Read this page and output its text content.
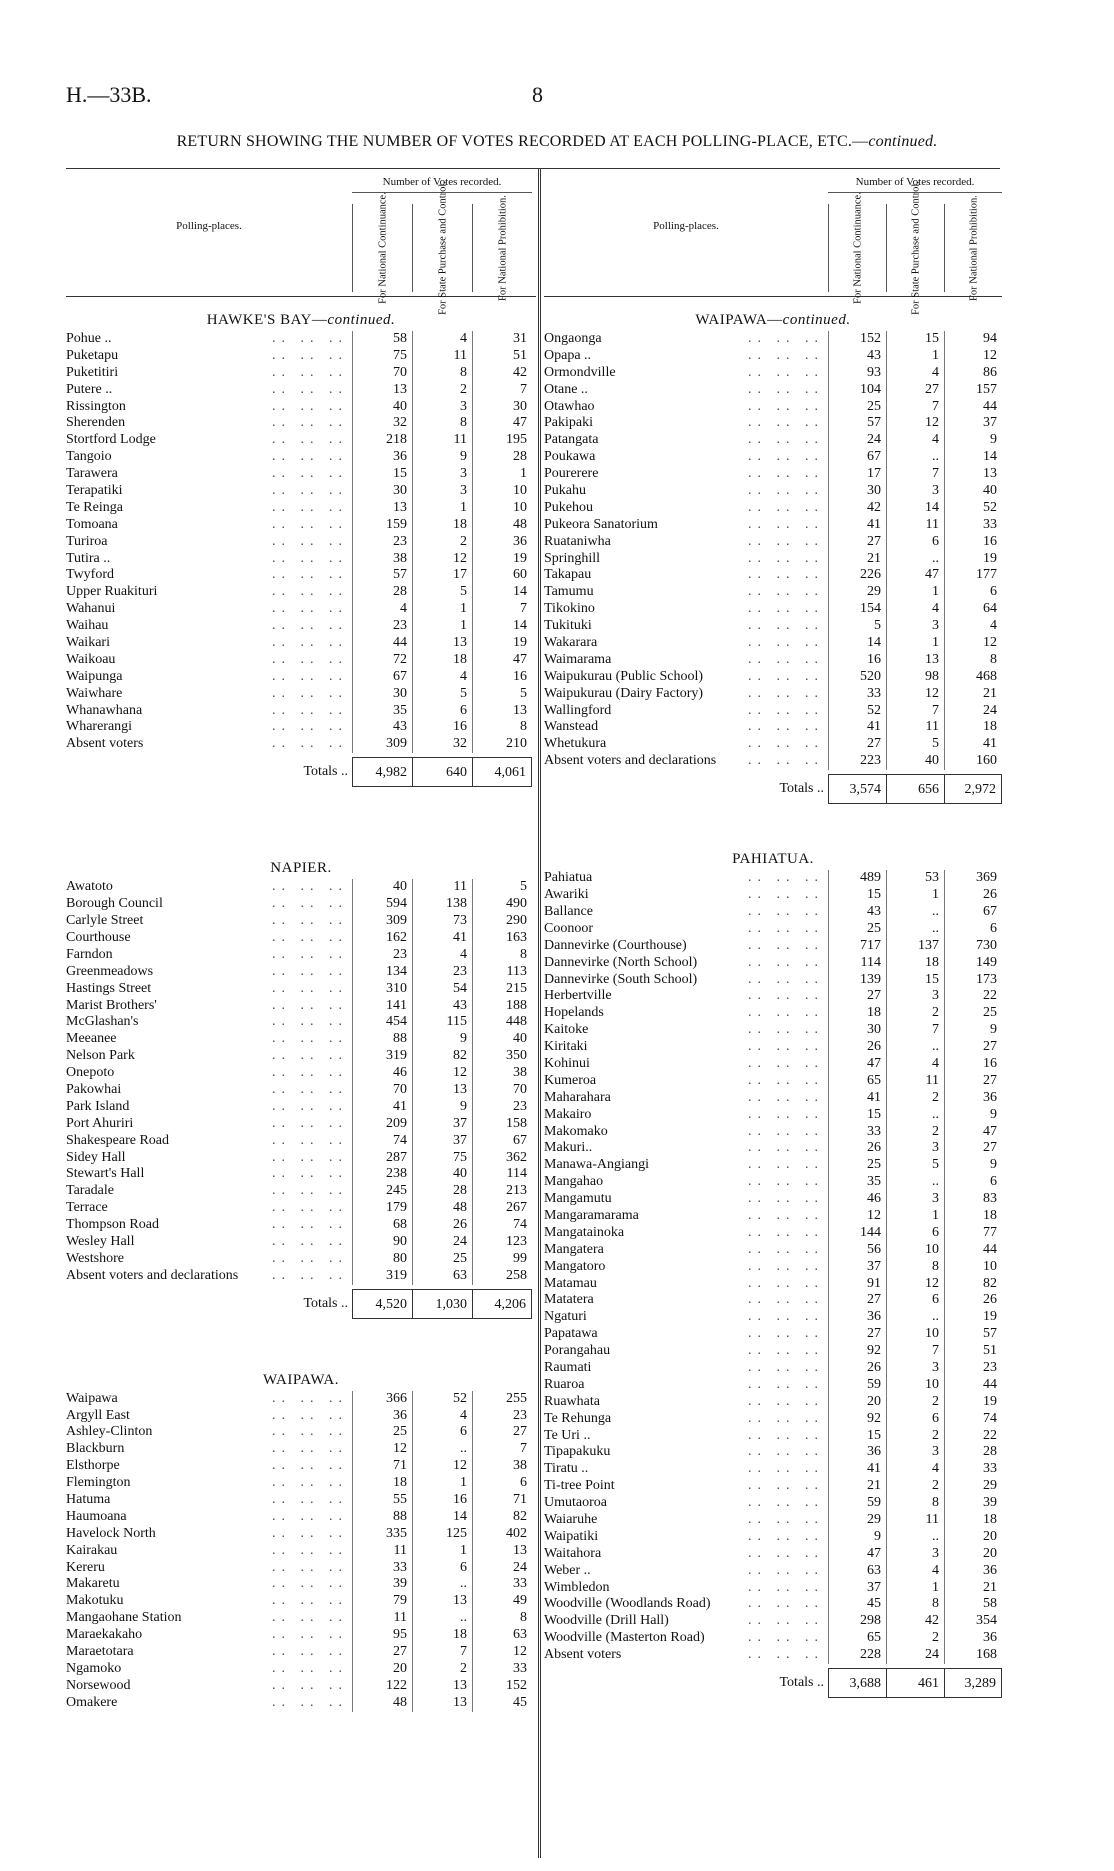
H.—33B.	8
RETURN SHOWING THE NUMBER OF VOTES RECORDED AT EACH POLLING-PLACE, ETC.—continued.
Polling-places.
Number of Votes recorded.
For National Continuance.	For State Purchase and Control.	For National Prohibition.
HAWKE'S BAY—continued.
Pohue ..	.. .. ..	58	4	31
Puketapu	.. .. ..	75	11	51
Puketitiri	.. .. ..	70	8	42
Putere ..	.. .. ..	13	2	7
Rissington	.. .. ..	40	3	30
Sherenden	.. .. ..	32	8	47
Stortford Lodge	.. .. ..	218	11	195
Tangoio	.. .. ..	36	9	28
Tarawera	.. .. ..	15	3	1
Terapatiki	.. .. ..	30	3	10
Te Reinga	.. .. ..	13	1	10
Tomoana	.. .. ..	159	18	48
Turiroa	.. .. ..	23	2	36
Tutira ..	.. .. ..	38	12	19
Twyford	.. .. ..	57	17	60
Upper Ruakituri	.. .. ..	28	5	14
Wahanui	.. .. ..	4	1	7
Waihau	.. .. ..	23	1	14
Waikari	.. .. ..	44	13	19
Waikoau	.. .. ..	72	18	47
Waipunga	.. .. ..	67	4	16
Waiwhare	.. .. ..	30	5	5
Whanawhana	.. .. ..	35	6	13
Wharerangi	.. .. ..	43	16	8
Absent voters	.. .. ..	309	32	210
Totals ..	4,982	640	4,061
NAPIER.
Awatoto	.. .. ..	40	11	5
Borough Council	.. .. ..	594	138	490
Carlyle Street	.. .. ..	309	73	290
Courthouse	.. .. ..	162	41	163
Farndon	.. .. ..	23	4	8
Greenmeadows	.. .. ..	134	23	113
Hastings Street	.. .. ..	310	54	215
Marist Brothers'	.. .. ..	141	43	188
McGlashan's	.. .. ..	454	115	448
Meeanee	.. .. ..	88	9	40
Nelson Park	.. .. ..	319	82	350
Onepoto	.. .. ..	46	12	38
Pakowhai	.. .. ..	70	13	70
Park Island	.. .. ..	41	9	23
Port Ahuriri	.. .. ..	209	37	158
Shakespeare Road	.. .. ..	74	37	67
Sidey Hall	.. .. ..	287	75	362
Stewart's Hall	.. .. ..	238	40	114
Taradale	.. .. ..	245	28	213
Terrace	.. .. ..	179	48	267
Thompson Road	.. .. ..	68	26	74
Wesley Hall	.. .. ..	90	24	123
Westshore	.. .. ..	80	25	99
Absent voters and declarations .. .. ..	319	63	258
Totals ..	4,520	1,030	4,206
WAIPAWA.
Waipawa	.. .. ..	366	52	255
Argyll East	.. .. ..	36	4	23
Ashley-Clinton	.. .. ..	25	6	27
Blackburn	.. .. ..	12	..	7
Elsthorpe	.. .. ..	71	12	38
Flemington	.. .. ..	18	1	6
Hatuma	.. .. ..	55	16	71
Haumoana	.. .. ..	88	14	82
Havelock North	.. .. ..	335	125	402
Kairakau	.. .. ..	11	1	13
Kereru	.. .. ..	33	6	24
Makaretu	.. .. ..	39	..	33
Makotuku	.. .. ..	79	13	49
Mangaohane Station	.. .. ..	11	..	8
Maraekakaho	.. .. ..	95	18	63
Maraetotara	.. .. ..	27	7	12
Ngamoko	.. .. ..	20	2	33
Norsewood	.. .. ..	122	13	152
Omakere	.. .. ..	48	13	45
Polling-places.
Number of Votes recorded.
For National Continuance.	For State Purchase and Control.	For National Prohibition.
WAIPAWA—continued.
Ongaonga	.. .. ..	152	15	94
Opapa ..	.. .. ..	43	1	12
Ormondville	.. .. ..	93	4	86
Otane ..	.. .. ..	104	27	157
Otawhao	.. .. ..	25	7	44
Pakipaki	.. .. ..	57	12	37
Patangata	.. .. ..	24	4	9
Poukawa	.. .. ..	67	..	14
Pourerere	.. .. ..	17	7	13
Pukahu	.. .. ..	30	3	40
Pukehou	.. .. ..	42	14	52
Pukeora Sanatorium	.. .. ..	41	11	33
Ruataniwha	.. .. ..	27	6	16
Springhill	.. .. ..	21	..	19
Takapau	.. .. ..	226	47	177
Tamumu	.. .. ..	29	1	6
Tikokino	.. .. ..	154	4	64
Tukituki	.. .. ..	5	3	4
Wakarara	.. .. ..	14	1	12
Waimarama	.. .. ..	16	13	8
Waipukurau (Public School)	.. .. ..	520	98	468
Waipukurau (Dairy Factory)	.. .. ..	33	12	21
Wallingford	.. .. ..	52	7	24
Wanstead	.. .. ..	41	11	18
Whetukura	.. .. ..	27	5	41
Absent voters and declarations .. .. ..	223	40	160
Totals ..	3,574	656	2,972
PAHIATUA.
Pahiatua	.. .. ..	489	53	369
Awariki	.. .. ..	15	1	26
Ballance	.. .. ..	43	..	67
Coonoor	.. .. ..	25	..	6
Dannevirke (Courthouse)	.. .. ..	717	137	730
Dannevirke (North School)	.. .. ..	114	18	149
Dannevirke (South School)	.. .. ..	139	15	173
Herbertville	.. .. ..	27	3	22
Hopelands	.. .. ..	18	2	25
Kaitoke	.. .. ..	30	7	9
Kiritaki	.. .. ..	26	..	27
Kohinui	.. .. ..	47	4	16
Kumeroa	.. .. ..	65	11	27
Maharahara	.. .. ..	41	2	36
Makairo	.. .. ..	15	..	9
Makomako	.. .. ..	33	2	47
Makuri..	.. .. ..	26	3	27
Manawa-Angiangi	.. .. ..	25	5	9
Mangahao	.. .. ..	35	..	6
Mangamutu	.. .. ..	46	3	83
Mangaramarama	.. .. ..	12	1	18
Mangatainoka	.. .. ..	144	6	77
Mangatera	.. .. ..	56	10	44
Mangatoro	.. .. ..	37	8	10
Matamau	.. .. ..	91	12	82
Matatera	.. .. ..	27	6	26
Ngaturi	.. .. ..	36	..	19
Papatawa	.. .. ..	27	10	57
Porangahau	.. .. ..	92	7	51
Raumati	.. .. ..	26	3	23
Ruaroa	.. .. ..	59	10	44
Ruawhata	.. .. ..	20	2	19
Te Rehunga	.. .. ..	92	6	74
Te Uri ..	.. .. ..	15	2	22
Tipapakuku	.. .. ..	36	3	28
Tiratu ..	.. .. ..	41	4	33
Ti-tree Point	.. .. ..	21	2	29
Umutaoroa	.. .. ..	59	8	39
Waiaruhe	.. .. ..	29	11	18
Waipatiki	.. .. ..	9	..	20
Waitahora	.. .. ..	47	3	20
Weber ..	.. .. ..	63	4	36
Wimbledon	.. .. ..	37	1	21
Woodville (Woodlands Road)	.. .. ..	45	8	58
Woodville (Drill Hall)	.. .. ..	298	42	354
Woodville (Masterton Road)	.. .. ..	65	2	36
Absent voters	.. .. ..	228	24	168
Totals ..	3,688	461	3,289
